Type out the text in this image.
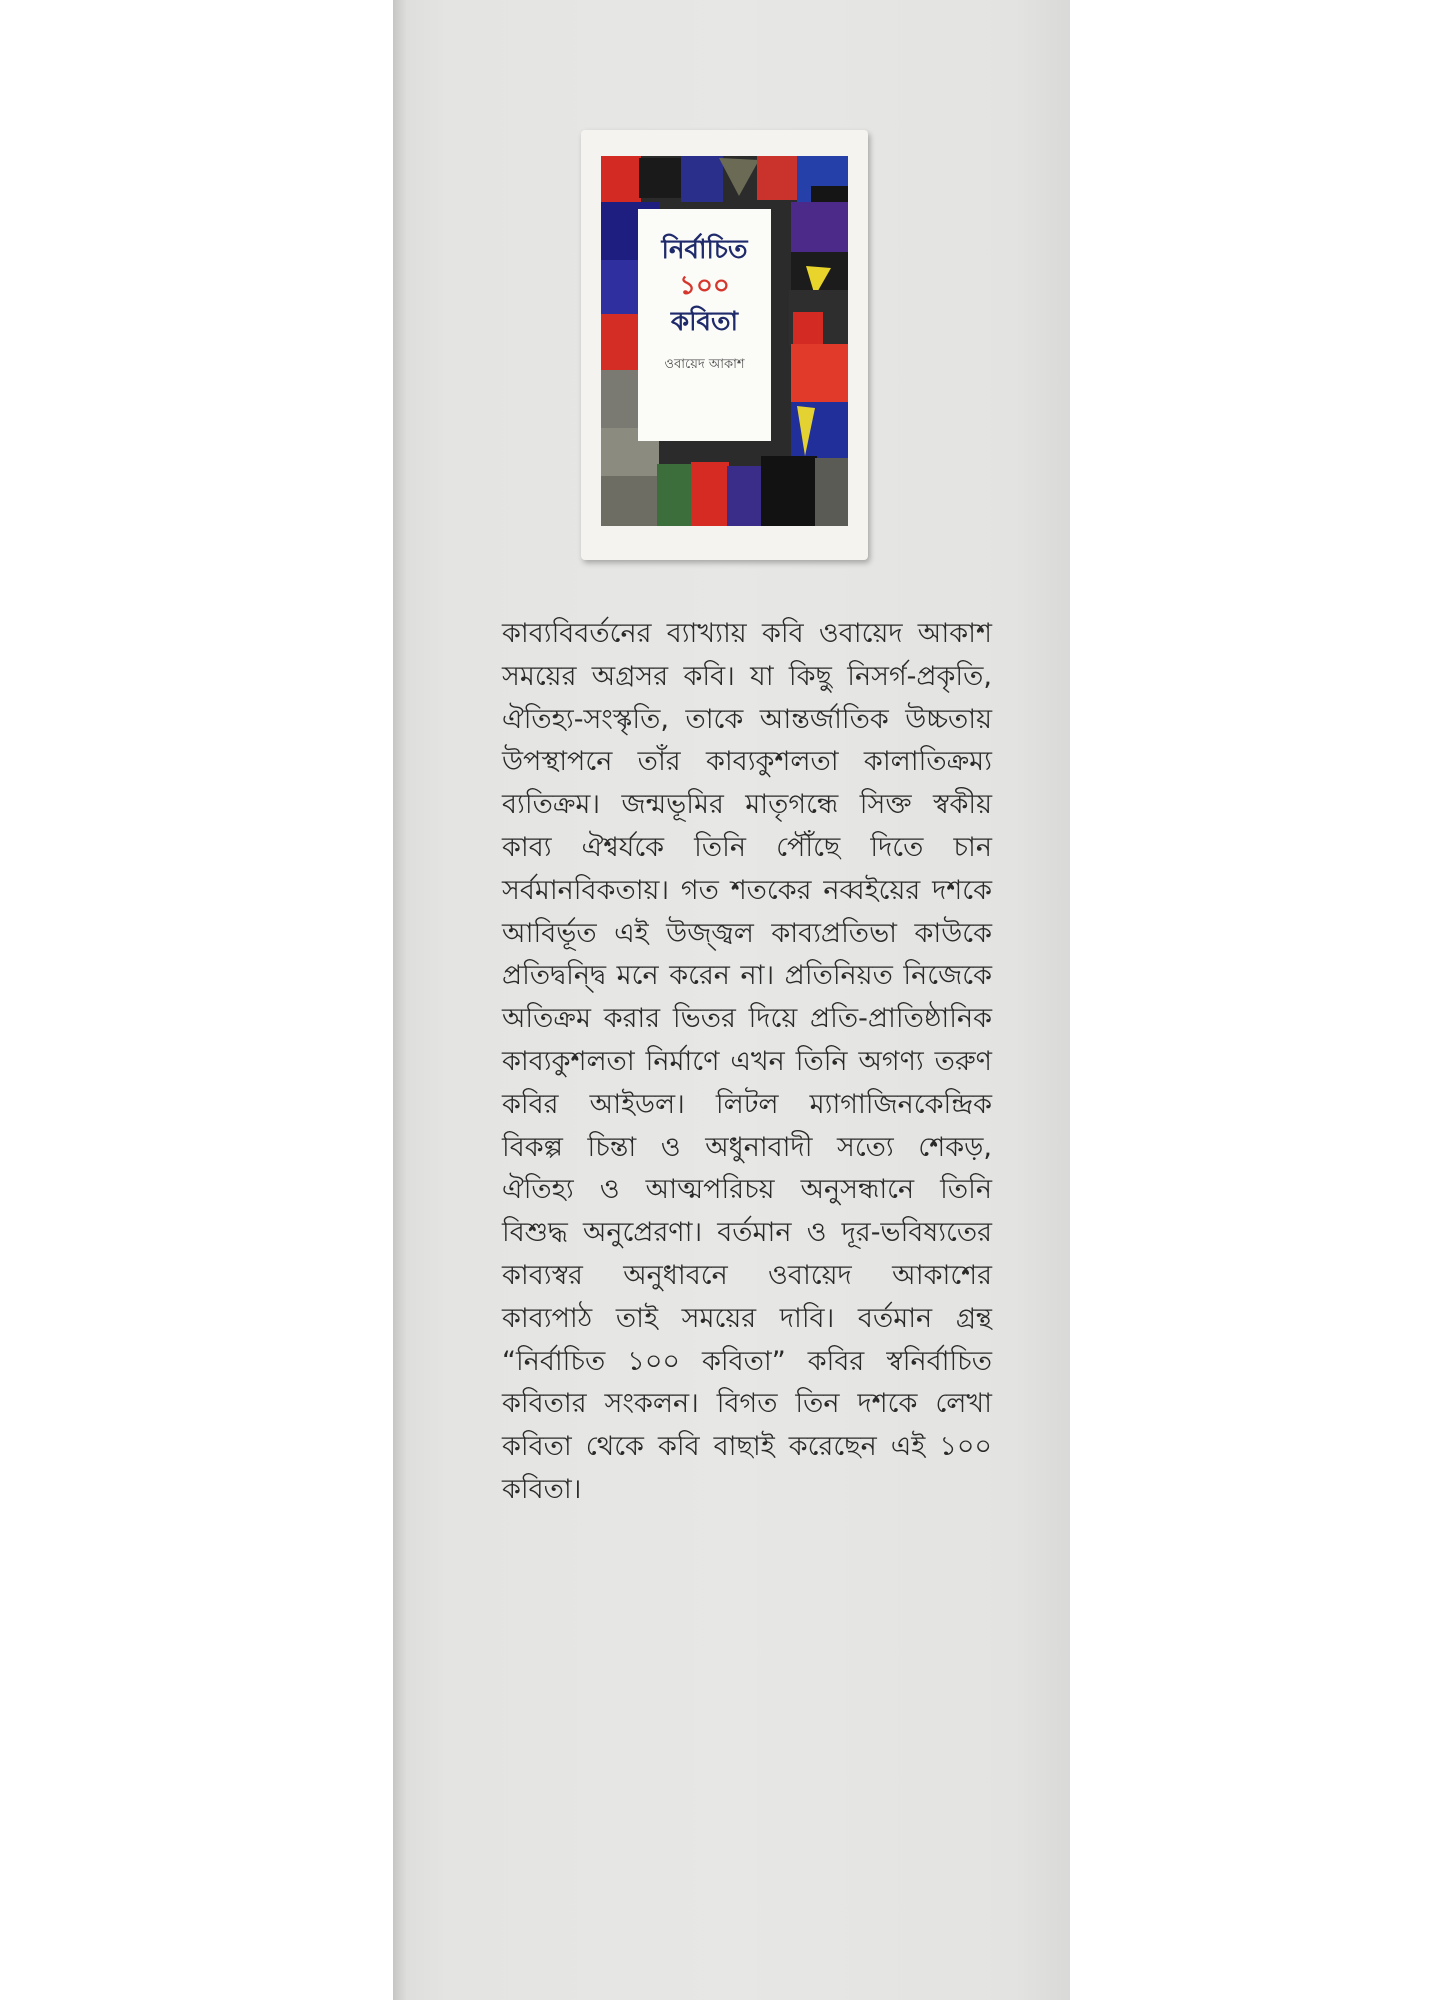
নির্বাচিত
১০০
কবিতা
ওবায়েদ আকাশ

কাব্যবিবর্তনের ব্যাখ্যায় কবি ওবায়েদ আকাশ সময়ের অগ্রসর কবি। যা কিছু নিসর্গ-প্রকৃতি, ঐতিহ্য-সংস্কৃতি, তাকে আন্তর্জাতিক উচ্চতায় উপস্থাপনে তাঁর কাব্যকুশলতা কালাতিক্রম্য ব্যতিক্রম। জন্মভূমির মাতৃগন্ধে সিক্ত স্বকীয় কাব্য ঐশ্বর্যকে তিনি পৌঁছে দিতে চান সর্বমানবিকতায়। গত শতকের নব্বইয়ের দশকে আবির্ভূত এই উজ্জ্বল কাব্যপ্রতিভা কাউকে প্রতিদ্বন্দ্বি মনে করেন না। প্রতিনিয়ত নিজেকে অতিক্রম করার ভিতর দিয়ে প্রতি-প্রাতিষ্ঠানিক কাব্যকুশলতা নির্মাণে এখন তিনি অগণ্য তরুণ কবির আইডল। লিটল ম্যাগাজিনকেন্দ্রিক বিকল্প চিন্তা ও অধুনাবাদী সত্যে শেকড়, ঐতিহ্য ও আত্মপরিচয় অনুসন্ধানে তিনি বিশুদ্ধ অনুপ্রেরণা। বর্তমান ও দূর-ভবিষ্যতের কাব্যস্বর অনুধাবনে ওবায়েদ আকাশের কাব্যপাঠ তাই সময়ের দাবি। বর্তমান গ্রন্থ “নির্বাচিত ১০০ কবিতা” কবির স্বনির্বাচিত কবিতার সংকলন। বিগত তিন দশকে লেখা কবিতা থেকে কবি বাছাই করেছেন এই ১০০ কবিতা।
